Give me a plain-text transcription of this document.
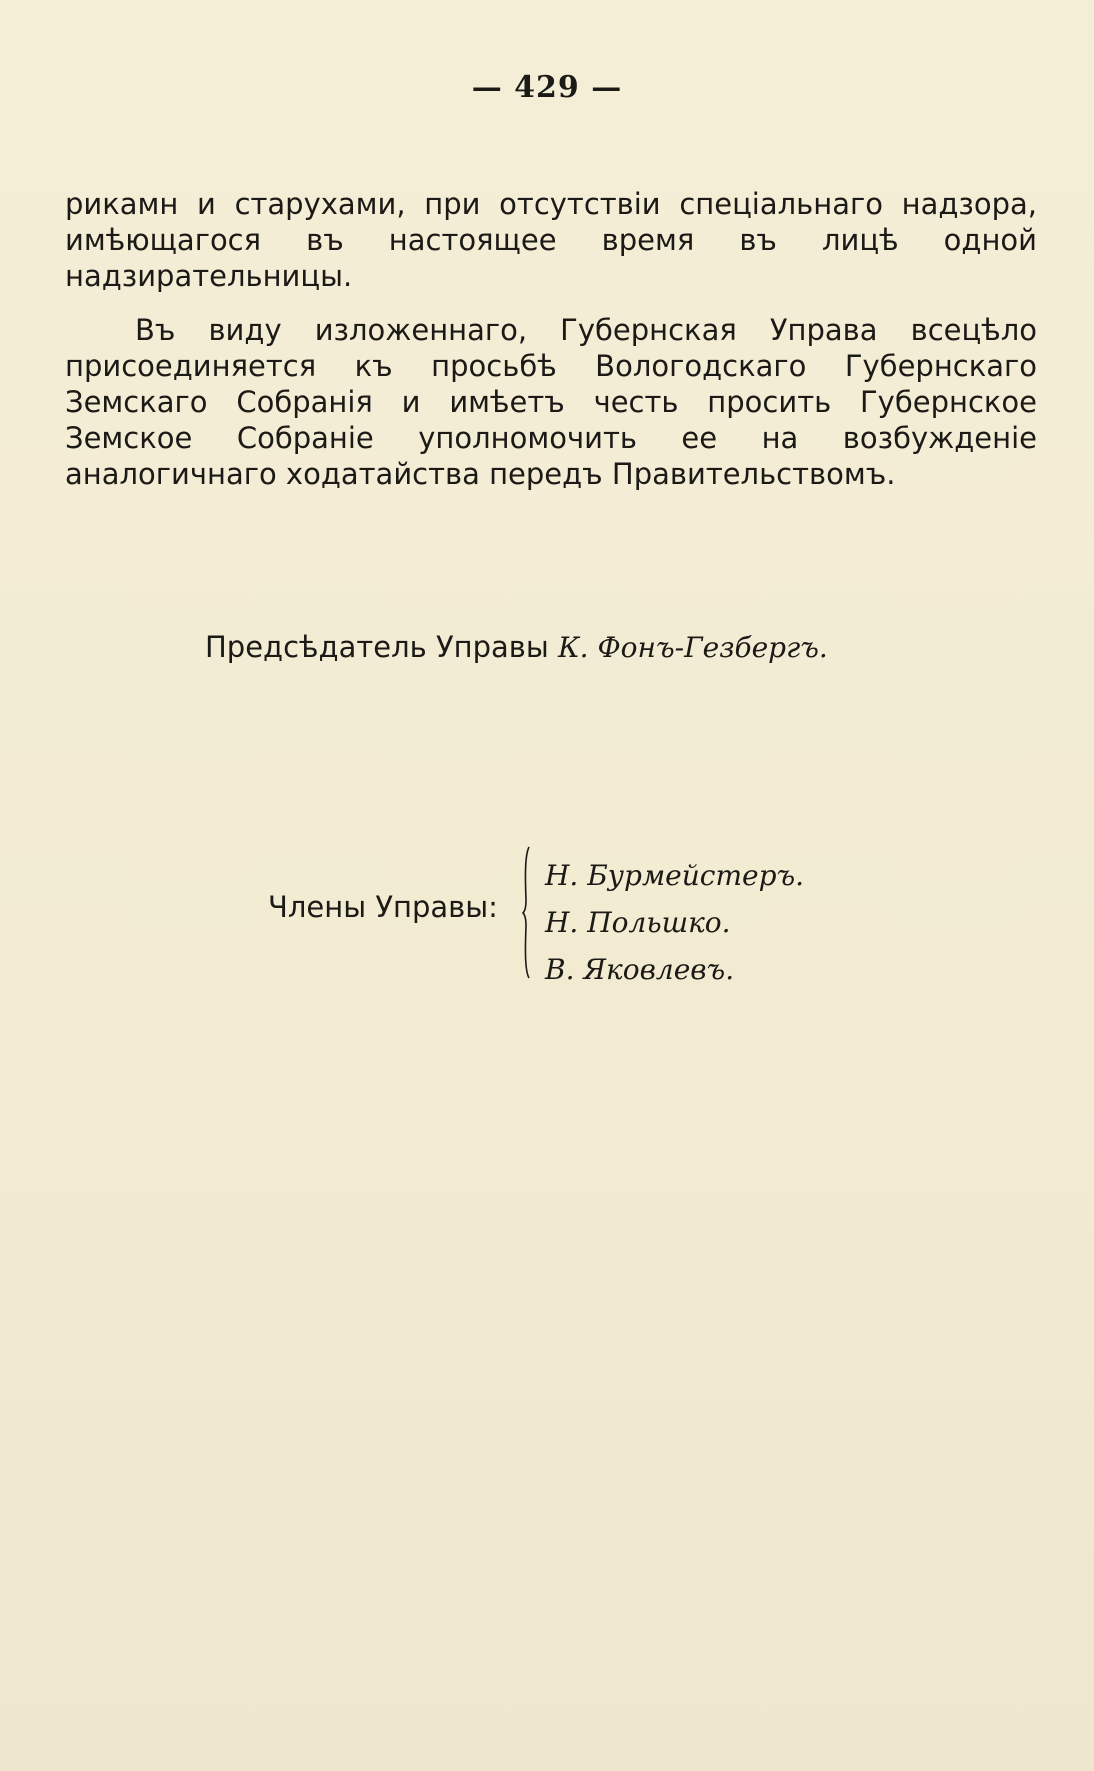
— 429 —
рикамн и старухами, при отсутствiи спецiальнаго надзора, имѣющагося въ настоящее время въ лицѣ одной надзирательницы.
Въ виду изложеннаго, Губернская Управа всецѣло присоединяется къ просьбѣ Вологодскаго Губернскаго Земскаго Собранiя и имѣетъ честь просить Губернское Земское Собранiе уполномочить ее на возбужденiе аналогичнаго ходатайства передъ Правительствомъ.
Предсѣдатель Управы К. Фонъ-Гезбергъ.
Члены Управы:
Н. Бурмейстеръ.
Н. Польшко.
В. Яковлевъ.
